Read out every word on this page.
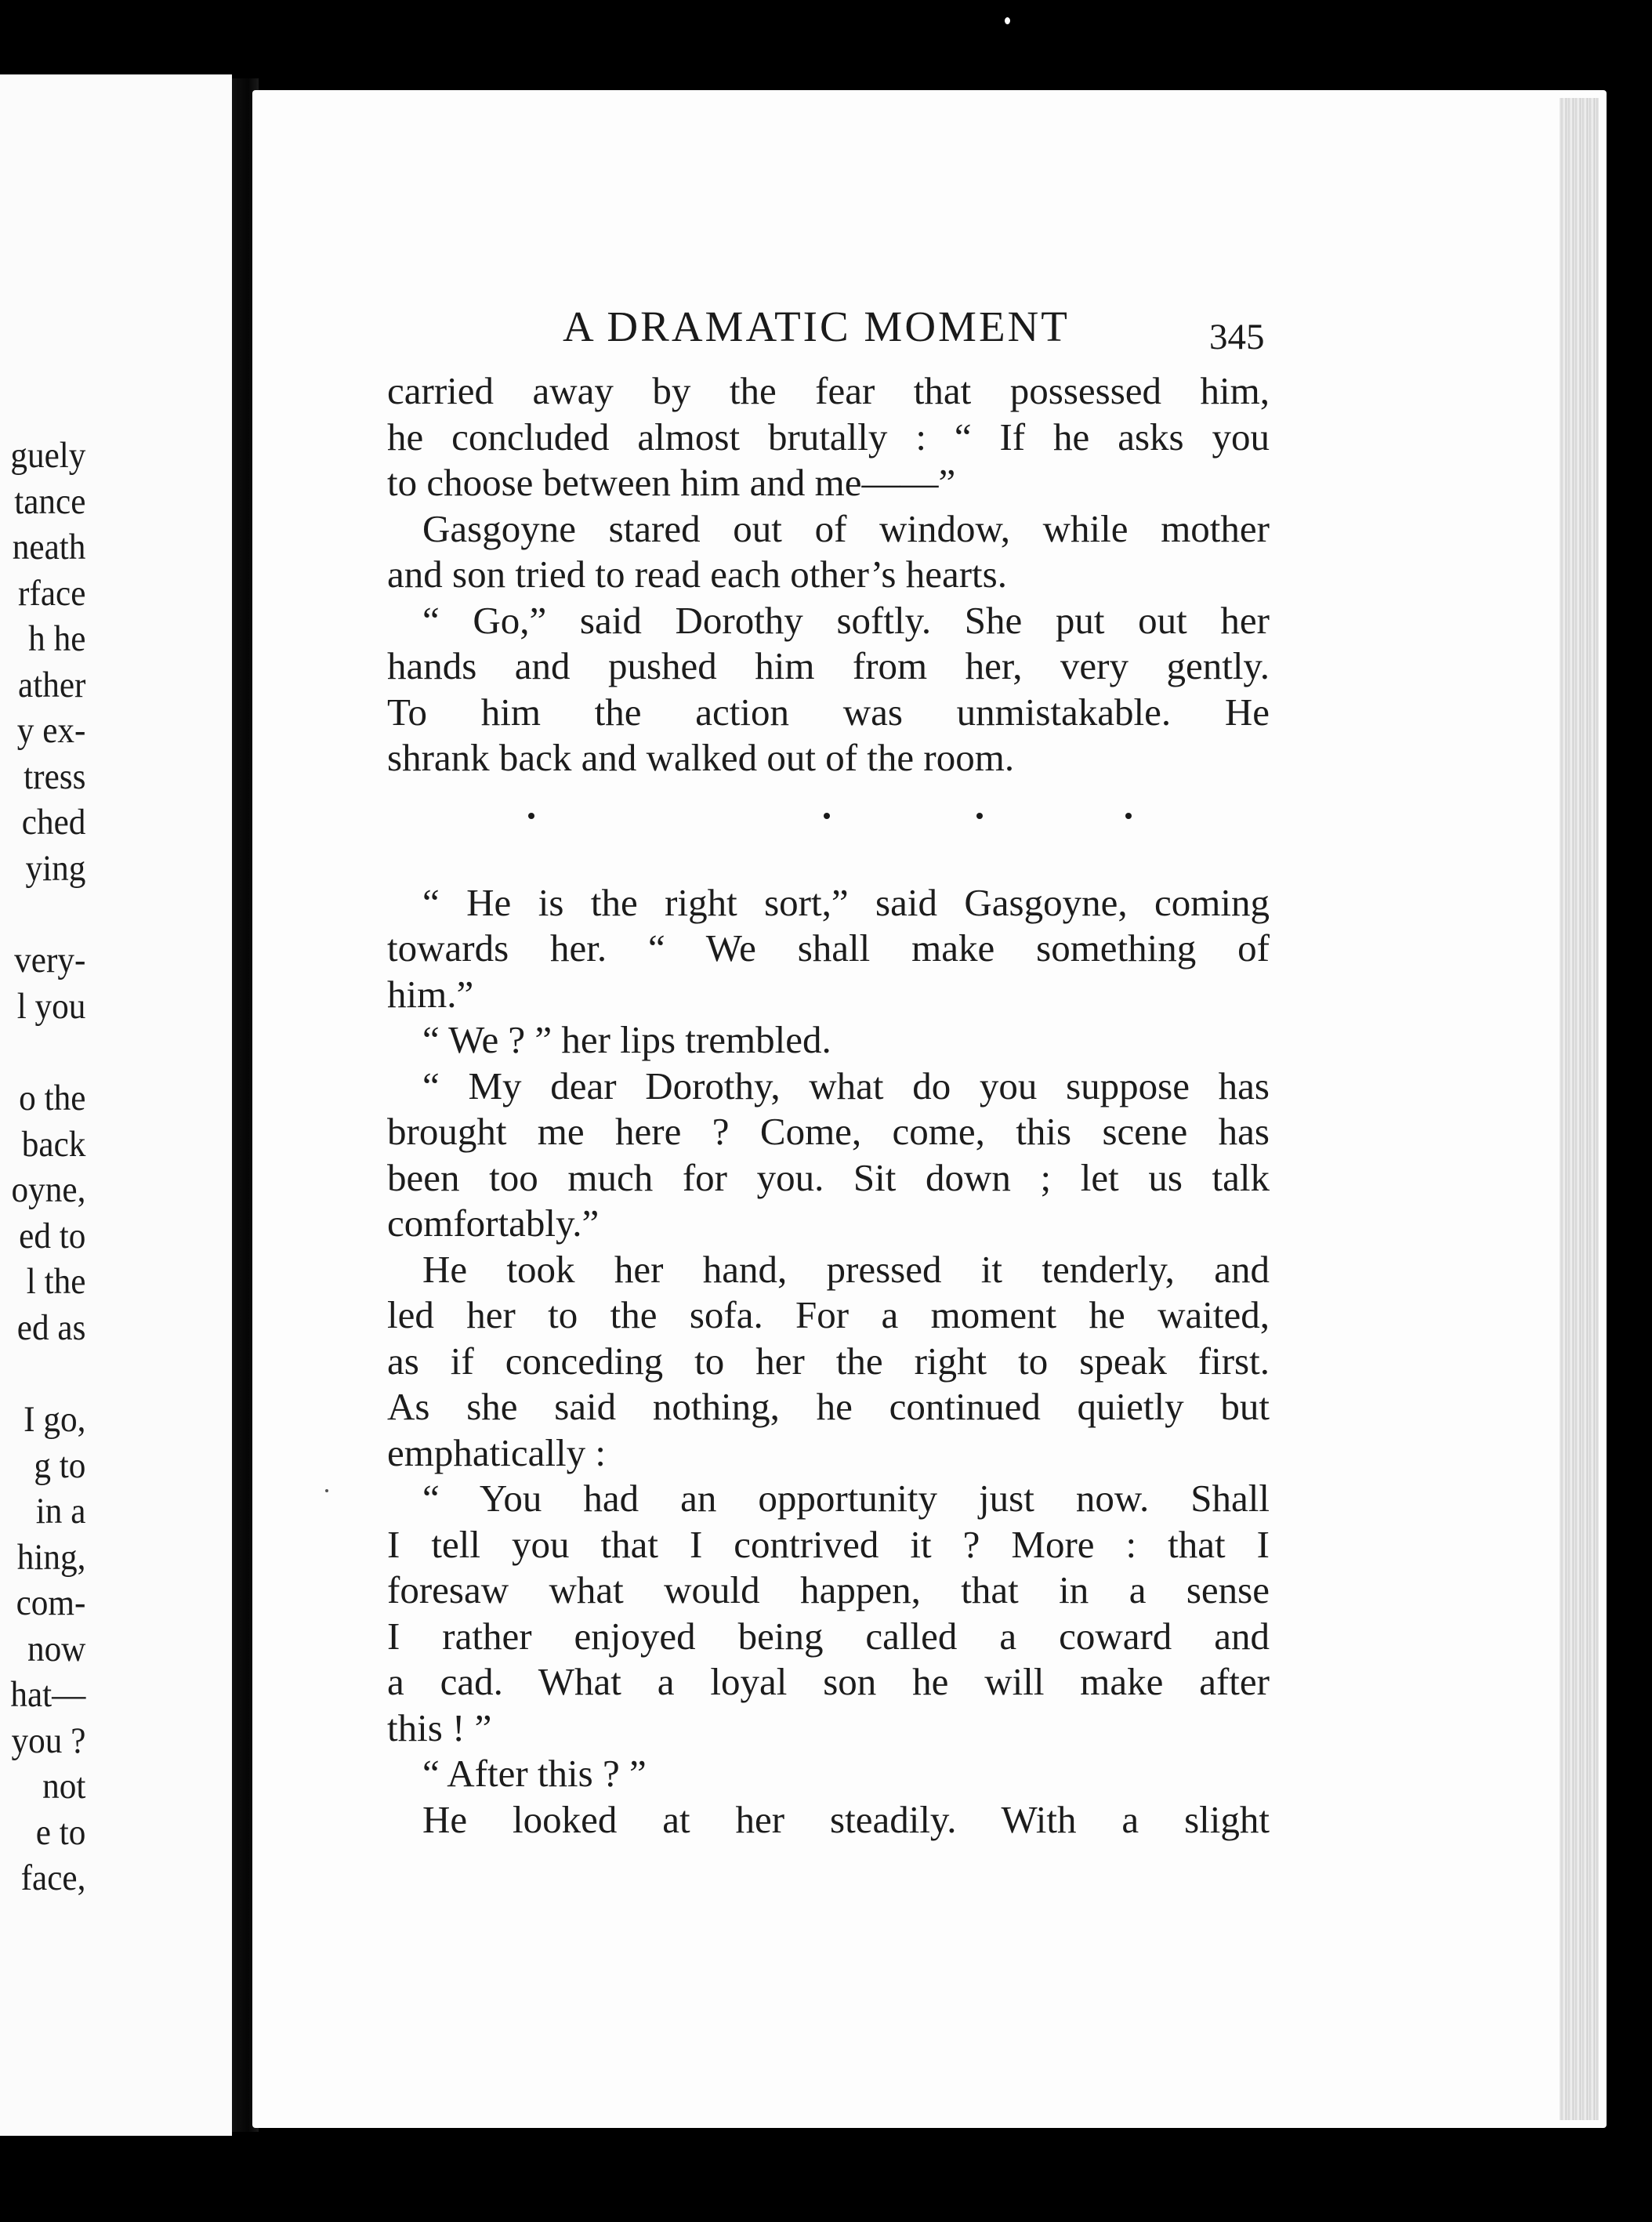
guely
tance
neath
rface
h he
ather
y ex-
tress
ched
ying
very-
l you
o the
back
oyne,
ed to
l the
ed as
I go,
g to
in a
hing,
com-
now
hat—
you ?
not
e to
face,
A DRAMATIC MOMENT	345
carried away by the fear that possessed him,
he concluded almost brutally : “ If he asks you
to choose between him and me——”
Gasgoyne stared out of window, while mother
and son tried to read each other’s hearts.
“ Go,” said Dorothy softly. She put out her
hands and pushed him from her, very gently.
To him the action was unmistakable. He
shrank back and walked out of the room.
“ He is the right sort,” said Gasgoyne, coming
towards her. “ We shall make something of
him.”
“ We ? ” her lips trembled.
“ My dear Dorothy, what do you suppose has
brought me here ? Come, come, this scene has
been too much for you. Sit down ; let us talk
comfortably.”
He took her hand, pressed it tenderly, and
led her to the sofa. For a moment he waited,
as if conceding to her the right to speak first.
As she said nothing, he continued quietly but
emphatically :
“ You had an opportunity just now. Shall
I tell you that I contrived it ? More : that I
foresaw what would happen, that in a sense
I rather enjoyed being called a coward and
a cad. What a loyal son he will make after
this ! ”
“ After this ? ”
He looked at her steadily. With a slight
